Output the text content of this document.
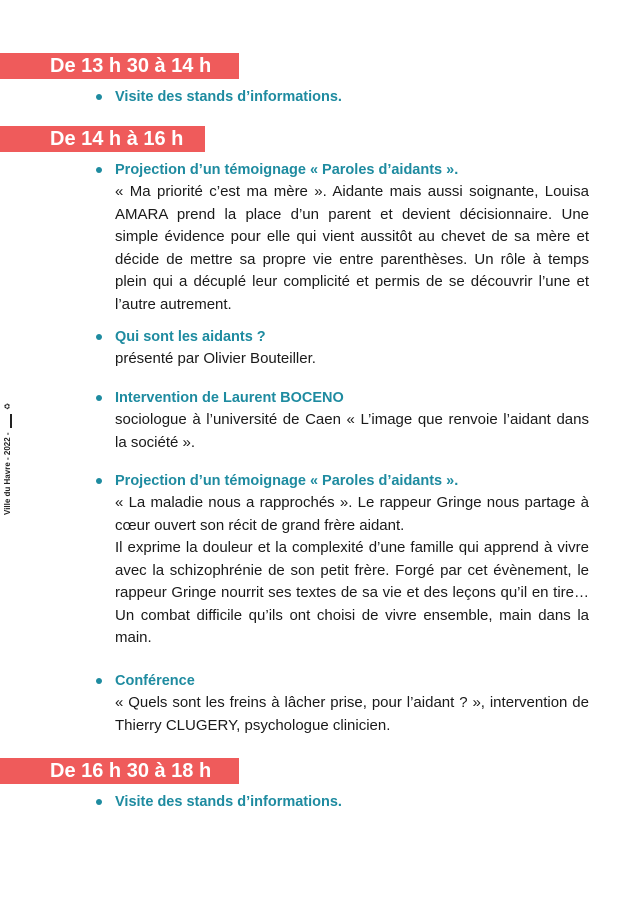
De 13 h 30 à 14 h
Visite des stands d’informations.
De 14 h à 16 h
Projection d’un témoignage « Paroles d’aidants ».

« Ma priorité c’est ma mère ». Aidante mais aussi soignante, Louisa AMARA prend la place d’un parent et devient décisionnaire. Une simple évidence pour elle qui vient aussitôt au chevet de sa mère et décide de mettre sa propre vie entre parenthèses. Un rôle à temps plein qui a décuplé leur complicité et permis de se découvrir l’une et l’autre autrement.

Qui sont les aidants ?

présenté par Olivier Bouteiller.

Intervention de Laurent BOCENO

sociologue à l’université de Caen « L’image que renvoie l’aidant dans la société ».

Projection d’un témoignage « Paroles d’aidants ».

« La maladie nous a rapprochés ». Le rappeur Gringe nous partage à cœur ouvert son récit de grand frère aidant.

Il exprime la douleur et la complexité d’une famille qui apprend à vivre avec la schizophrénie de son petit frère. Forgé par cet évènement, le rappeur Gringe nourrit ses textes de sa vie et des leçons qu’il en tire… Un combat difficile qu’ils ont choisi de vivre ensemble, main dans la main.

Conférence

« Quels sont les freins à lâcher prise, pour l’aidant ? », intervention de Thierry CLUGERY, psychologue clinicien.

De 16 h 30 à 18 h
Visite des stands d’informations.
Ville du Havre - 2022 -  ♻
